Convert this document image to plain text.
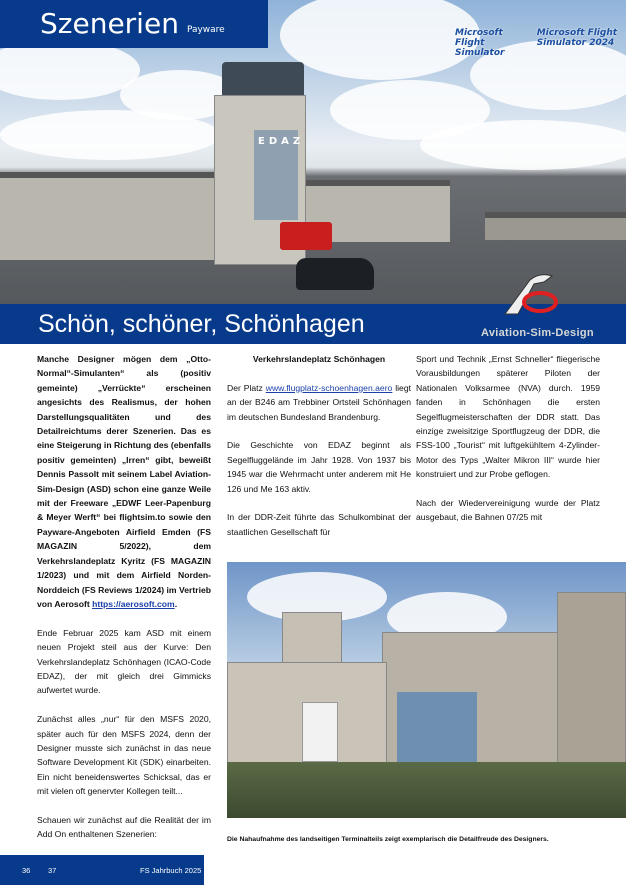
EDAZ
Szenerien Payware	Microsoft Flight Simulator
Microsoft Flight Simulator 2024
Schön, schöner, Schönhagen	Aviation-Sim-Design

Manche Designer mögen dem „Otto-Normal“-Simulanten“ als (positiv gemeinte) „Verrückte“ erscheinen angesichts des Realismus, der hohen Darstellungsqualitäten und des Detailreichtums derer Szenerien. Das es eine Steigerung in Richtung des (ebenfalls positiv gemeinten) „Irren“ gibt, beweißt Dennis Passolt mit seinem Label Aviation-Sim-Design (ASD) schon eine ganze Weile mit der Freeware „EDWF Leer-Papenburg & Meyer Werft“ bei flightsim.to sowie den Payware-Angeboten Airfield Emden (FS MAGAZIN 5/2022), dem Verkehrslandeplatz Kyritz (FS MAGAZIN 1/2023) und mit dem Airfield Norden-Norddeich (FS Reviews 1/2024) im Vertrieb von Aerosoft https://aerosoft.com.

Ende Februar 2025 kam ASD mit einem neuen Projekt steil aus der Kurve: Den Verkehrslandeplatz Schönhagen (ICAO-Code EDAZ), der mit gleich drei Gimmicks aufwertet wurde.

Zunächst alles „nur“ für den MSFS 2020, später auch für den MSFS 2024, denn der Designer musste sich zunächst in das neue Software Development Kit (SDK) einarbeiten. Ein nicht beneidenswertes Schicksal, das er mit vielen oft genervter Kollegen teilt...

Schauen wir zunächst auf die Realität der im Add On enthaltenen Szenerien:

Verkehrslandeplatz Schönhagen

Der Platz www.flugplatz-schoenhagen.aero liegt an der B246 am Trebbiner Ortsteil Schönhagen im deutschen Bundesland Brandenburg.

Die Geschichte von EDAZ beginnt als Segelfluggelände im Jahr 1928. Von 1937 bis 1945 war die Wehrmacht unter anderem mit He 126 und Me 163 aktiv.

In der DDR-Zeit führte das Schulkombinat der staatlichen Gesellschaft für

Sport und Technik „Ernst Schneller“ fliegerische Vorausbildungen späterer Piloten der Nationalen Volksarmee (NVA) durch. 1959 fanden in Schönhagen die ersten Segelflugmeisterschaften der DDR statt. Das einzige zweisitzige Sportflugzeug der DDR, die FSS-100 „Tourist“ mit luftgekühltem 4-Zylinder-Motor des Typs „Walter Mikron III“ wurde hier konstruiert und zur Probe geflogen.

Nach der Wiedervereinigung wurde der Platz ausgebaut, die Bahnen 07/25 mit

Die Nahaufnahme des landseitigen Terminalteils zeigt exemplarisch die Detailfreude des Designers.
36 37	FS Jahrbuch 2025
